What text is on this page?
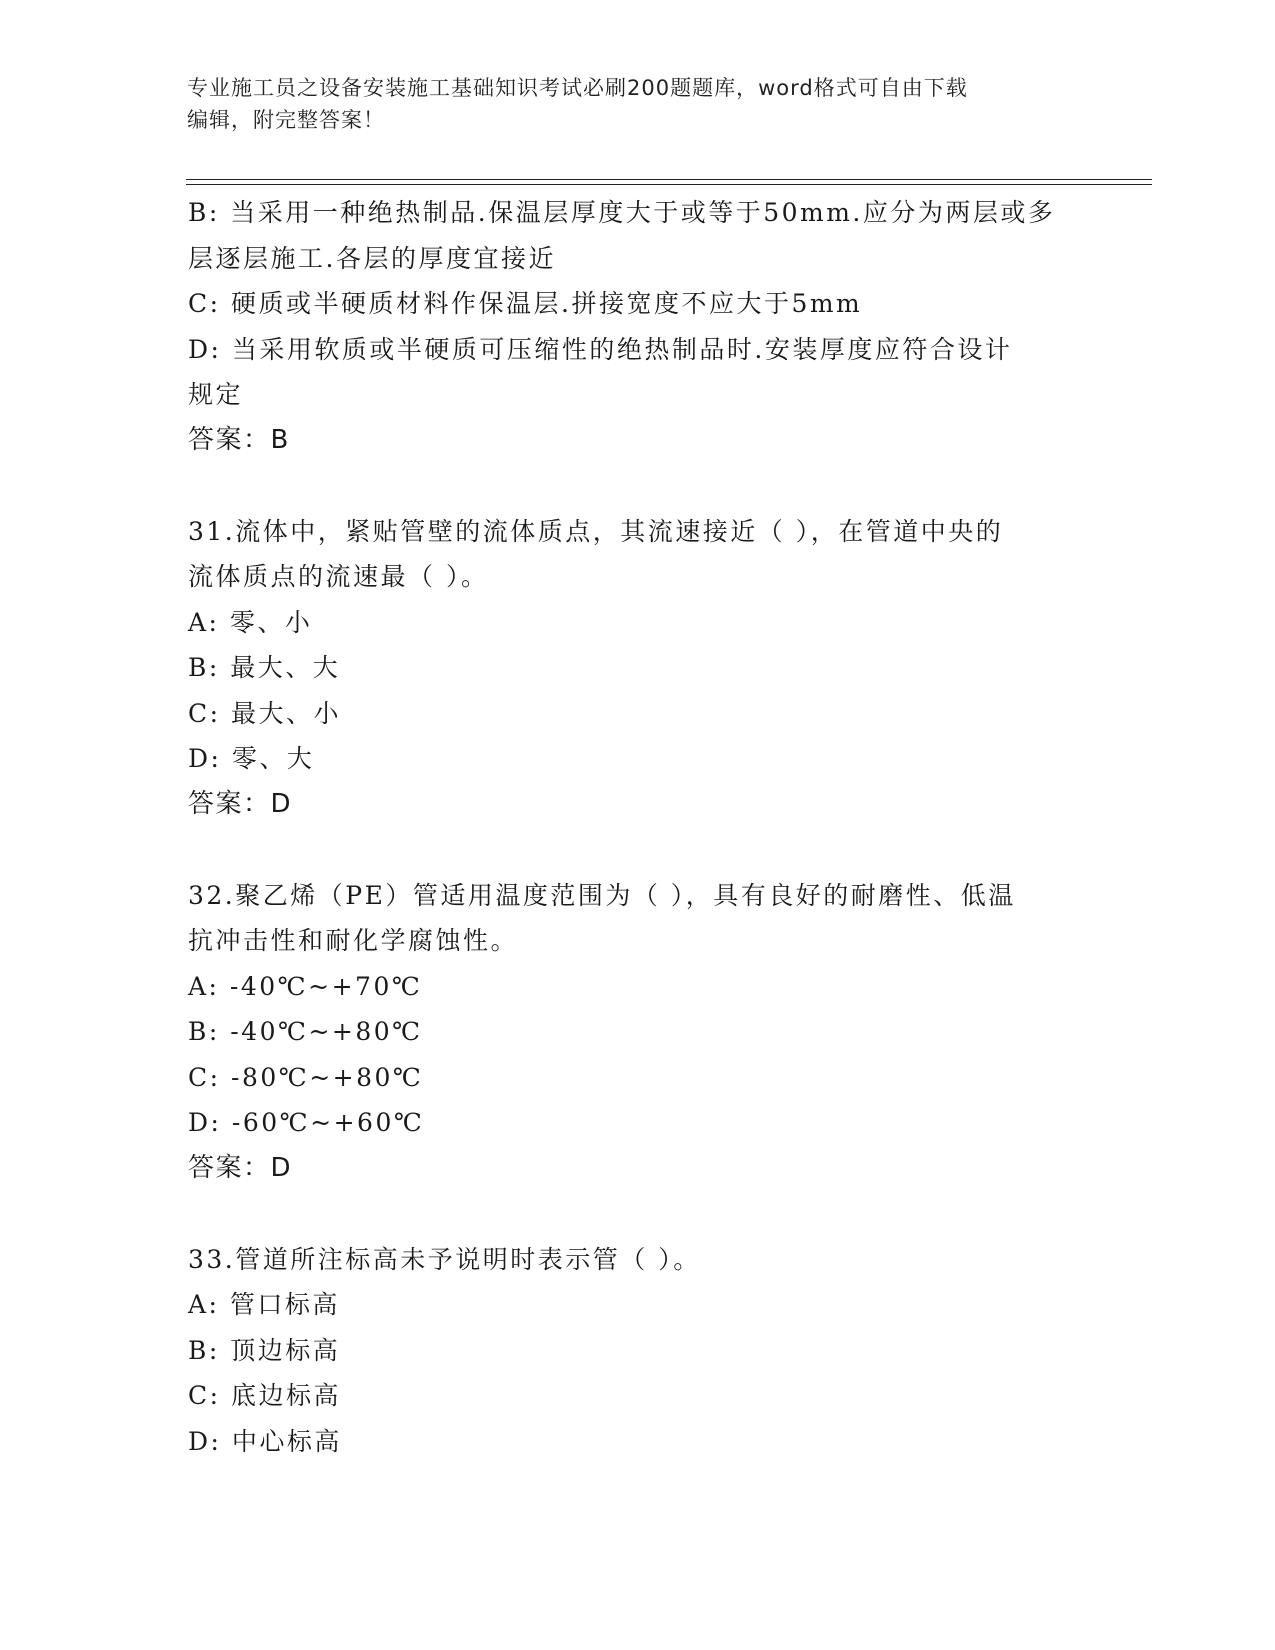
专业施工员之设备安装施工基础知识考试必刷200题题库，word格式可自由下载
编辑，附完整答案！
B: 当采用一种绝热制品.保温层厚度大于或等于50mm.应分为两层或多
层逐层施工.各层的厚度宜接近
C: 硬质或半硬质材料作保温层.拼接宽度不应大于5mm
D: 当采用软质或半硬质可压缩性的绝热制品时.安装厚度应符合设计
规定
答案：B
31.流体中，紧贴管壁的流体质点，其流速接近（ ），在管道中央的
流体质点的流速最（ ）。
A: 零、小
B: 最大、大
C: 最大、小
D: 零、大
答案：D
32.聚乙烯（PE）管适用温度范围为（ ），具有良好的耐磨性、低温
抗冲击性和耐化学腐蚀性。
A: -40℃~+70℃
B: -40℃~+80℃
C: -80℃~+80℃
D: -60℃~+60℃
答案：D
33.管道所注标高未予说明时表示管（ ）。
A: 管口标高
B: 顶边标高
C: 底边标高
D: 中心标高
